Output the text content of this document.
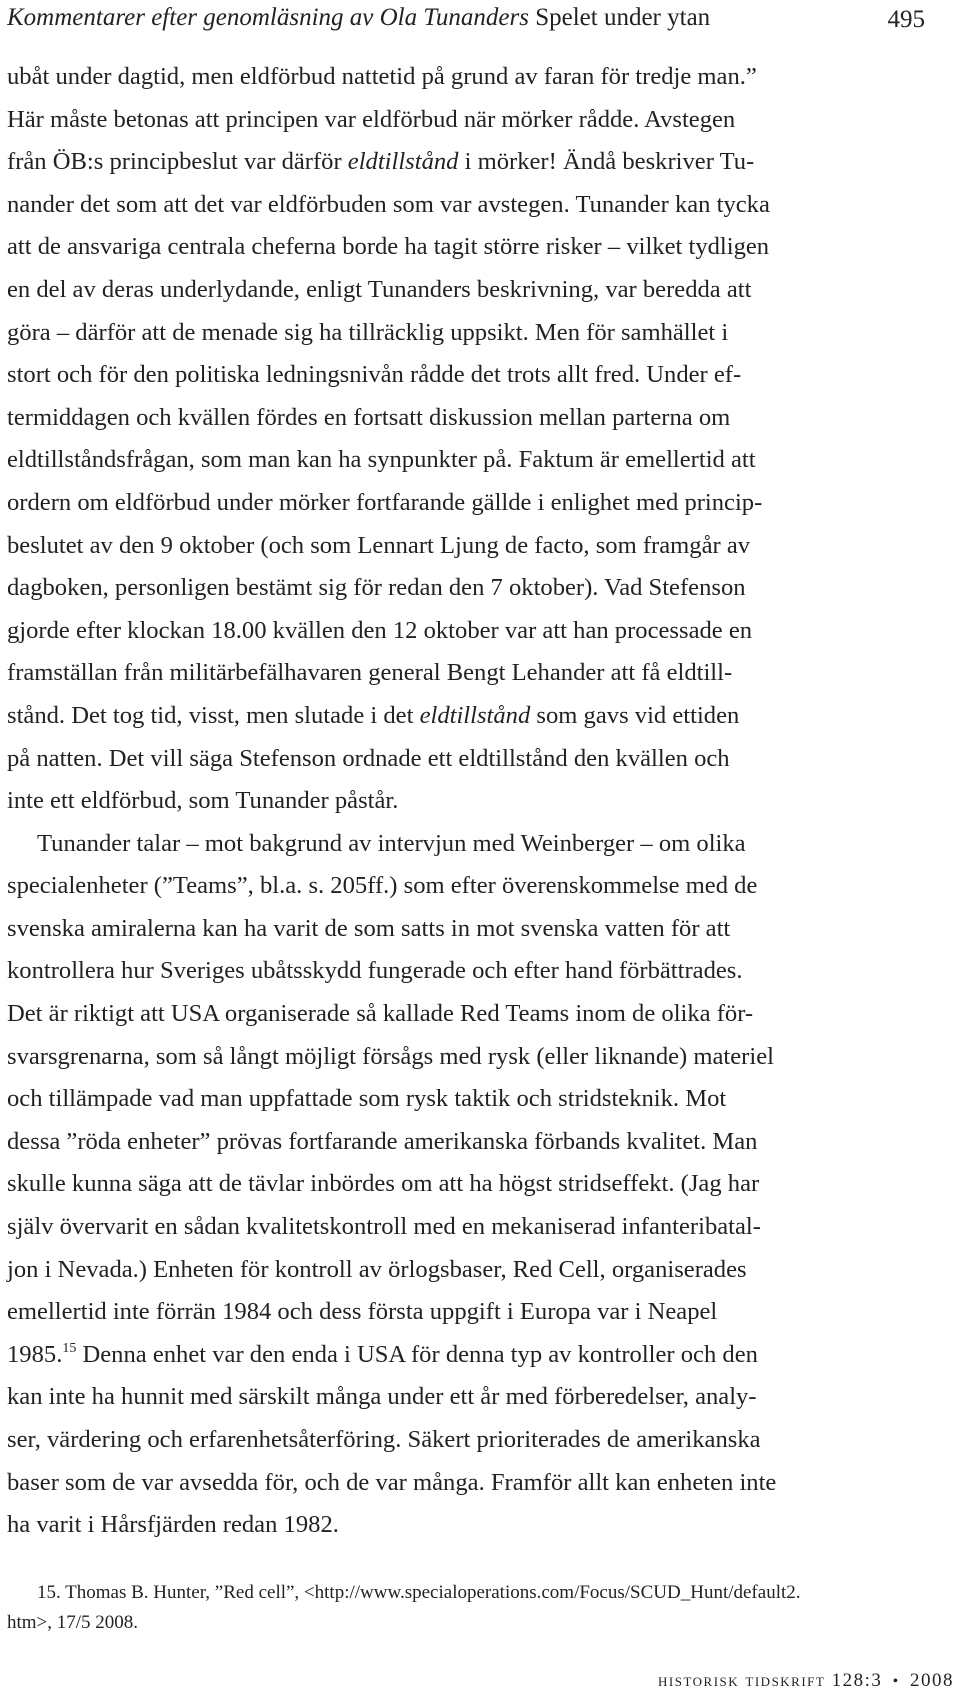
Kommentarer efter genomläsning av Ola Tunanders Spelet under ytan	495
ubåt under dagtid, men eldförbud nattetid på grund av faran för tredje man.”
Här måste betonas att principen var eldförbud när mörker rådde. Avstegen
från ÖB:s principbeslut var därför eldtillstånd i mörker! Ändå beskriver Tu-
nander det som att det var eldförbuden som var avstegen. Tunander kan tycka
att de ansvariga centrala cheferna borde ha tagit större risker – vilket tydligen
en del av deras underlydande, enligt Tunanders beskrivning, var beredda att
göra – därför att de menade sig ha tillräcklig uppsikt. Men för samhället i
stort och för den politiska ledningsnivån rådde det trots allt fred. Under ef-
termiddagen och kvällen fördes en fortsatt diskussion mellan parterna om
eldtillståndsfrågan, som man kan ha synpunkter på. Faktum är emellertid att
ordern om eldförbud under mörker fortfarande gällde i enlighet med princip-
beslutet av den 9 oktober (och som Lennart Ljung de facto, som framgår av
dagboken, personligen bestämt sig för redan den 7 oktober). Vad Stefenson
gjorde efter klockan 18.00 kvällen den 12 oktober var att han processade en
framställan från militärbefälhavaren general Bengt Lehander att få eldtill-
stånd. Det tog tid, visst, men slutade i det eldtillstånd som gavs vid ettiden
på natten. Det vill säga Stefenson ordnade ett eldtillstånd den kvällen och
inte ett eldförbud, som Tunander påstår.
Tunander talar – mot bakgrund av intervjun med Weinberger – om olika
specialenheter (”Teams”, bl.a. s. 205ff.) som efter överenskommelse med de
svenska amiralerna kan ha varit de som satts in mot svenska vatten för att
kontrollera hur Sveriges ubåtsskydd fungerade och efter hand förbättrades.
Det är riktigt att USA organiserade så kallade Red Teams inom de olika för-
svarsgrenarna, som så långt möjligt försågs med rysk (eller liknande) materiel
och tillämpade vad man uppfattade som rysk taktik och stridsteknik. Mot
dessa ”röda enheter” prövas fortfarande amerikanska förbands kvalitet. Man
skulle kunna säga att de tävlar inbördes om att ha högst stridseffekt. (Jag har
själv övervarit en sådan kvalitetskontroll med en mekaniserad infanteribatal-
jon i Nevada.) Enheten för kontroll av örlogsbaser, Red Cell, organiserades
emellertid inte förrän 1984 och dess första uppgift i Europa var i Neapel
1985.15 Denna enhet var den enda i USA för denna typ av kontroller och den
kan inte ha hunnit med särskilt många under ett år med förberedelser, analy-
ser, värdering och erfarenhetsåterföring. Säkert prioriterades de amerikanska
baser som de var avsedda för, och de var många. Framför allt kan enheten inte
ha varit i Hårsfjärden redan 1982.
15. Thomas B. Hunter, ”Red cell”, <http://www.specialoperations.com/Focus/SCUD_Hunt/default2.
htm>, 17/5 2008.
historisk tidskrift 128:3 • 2008
